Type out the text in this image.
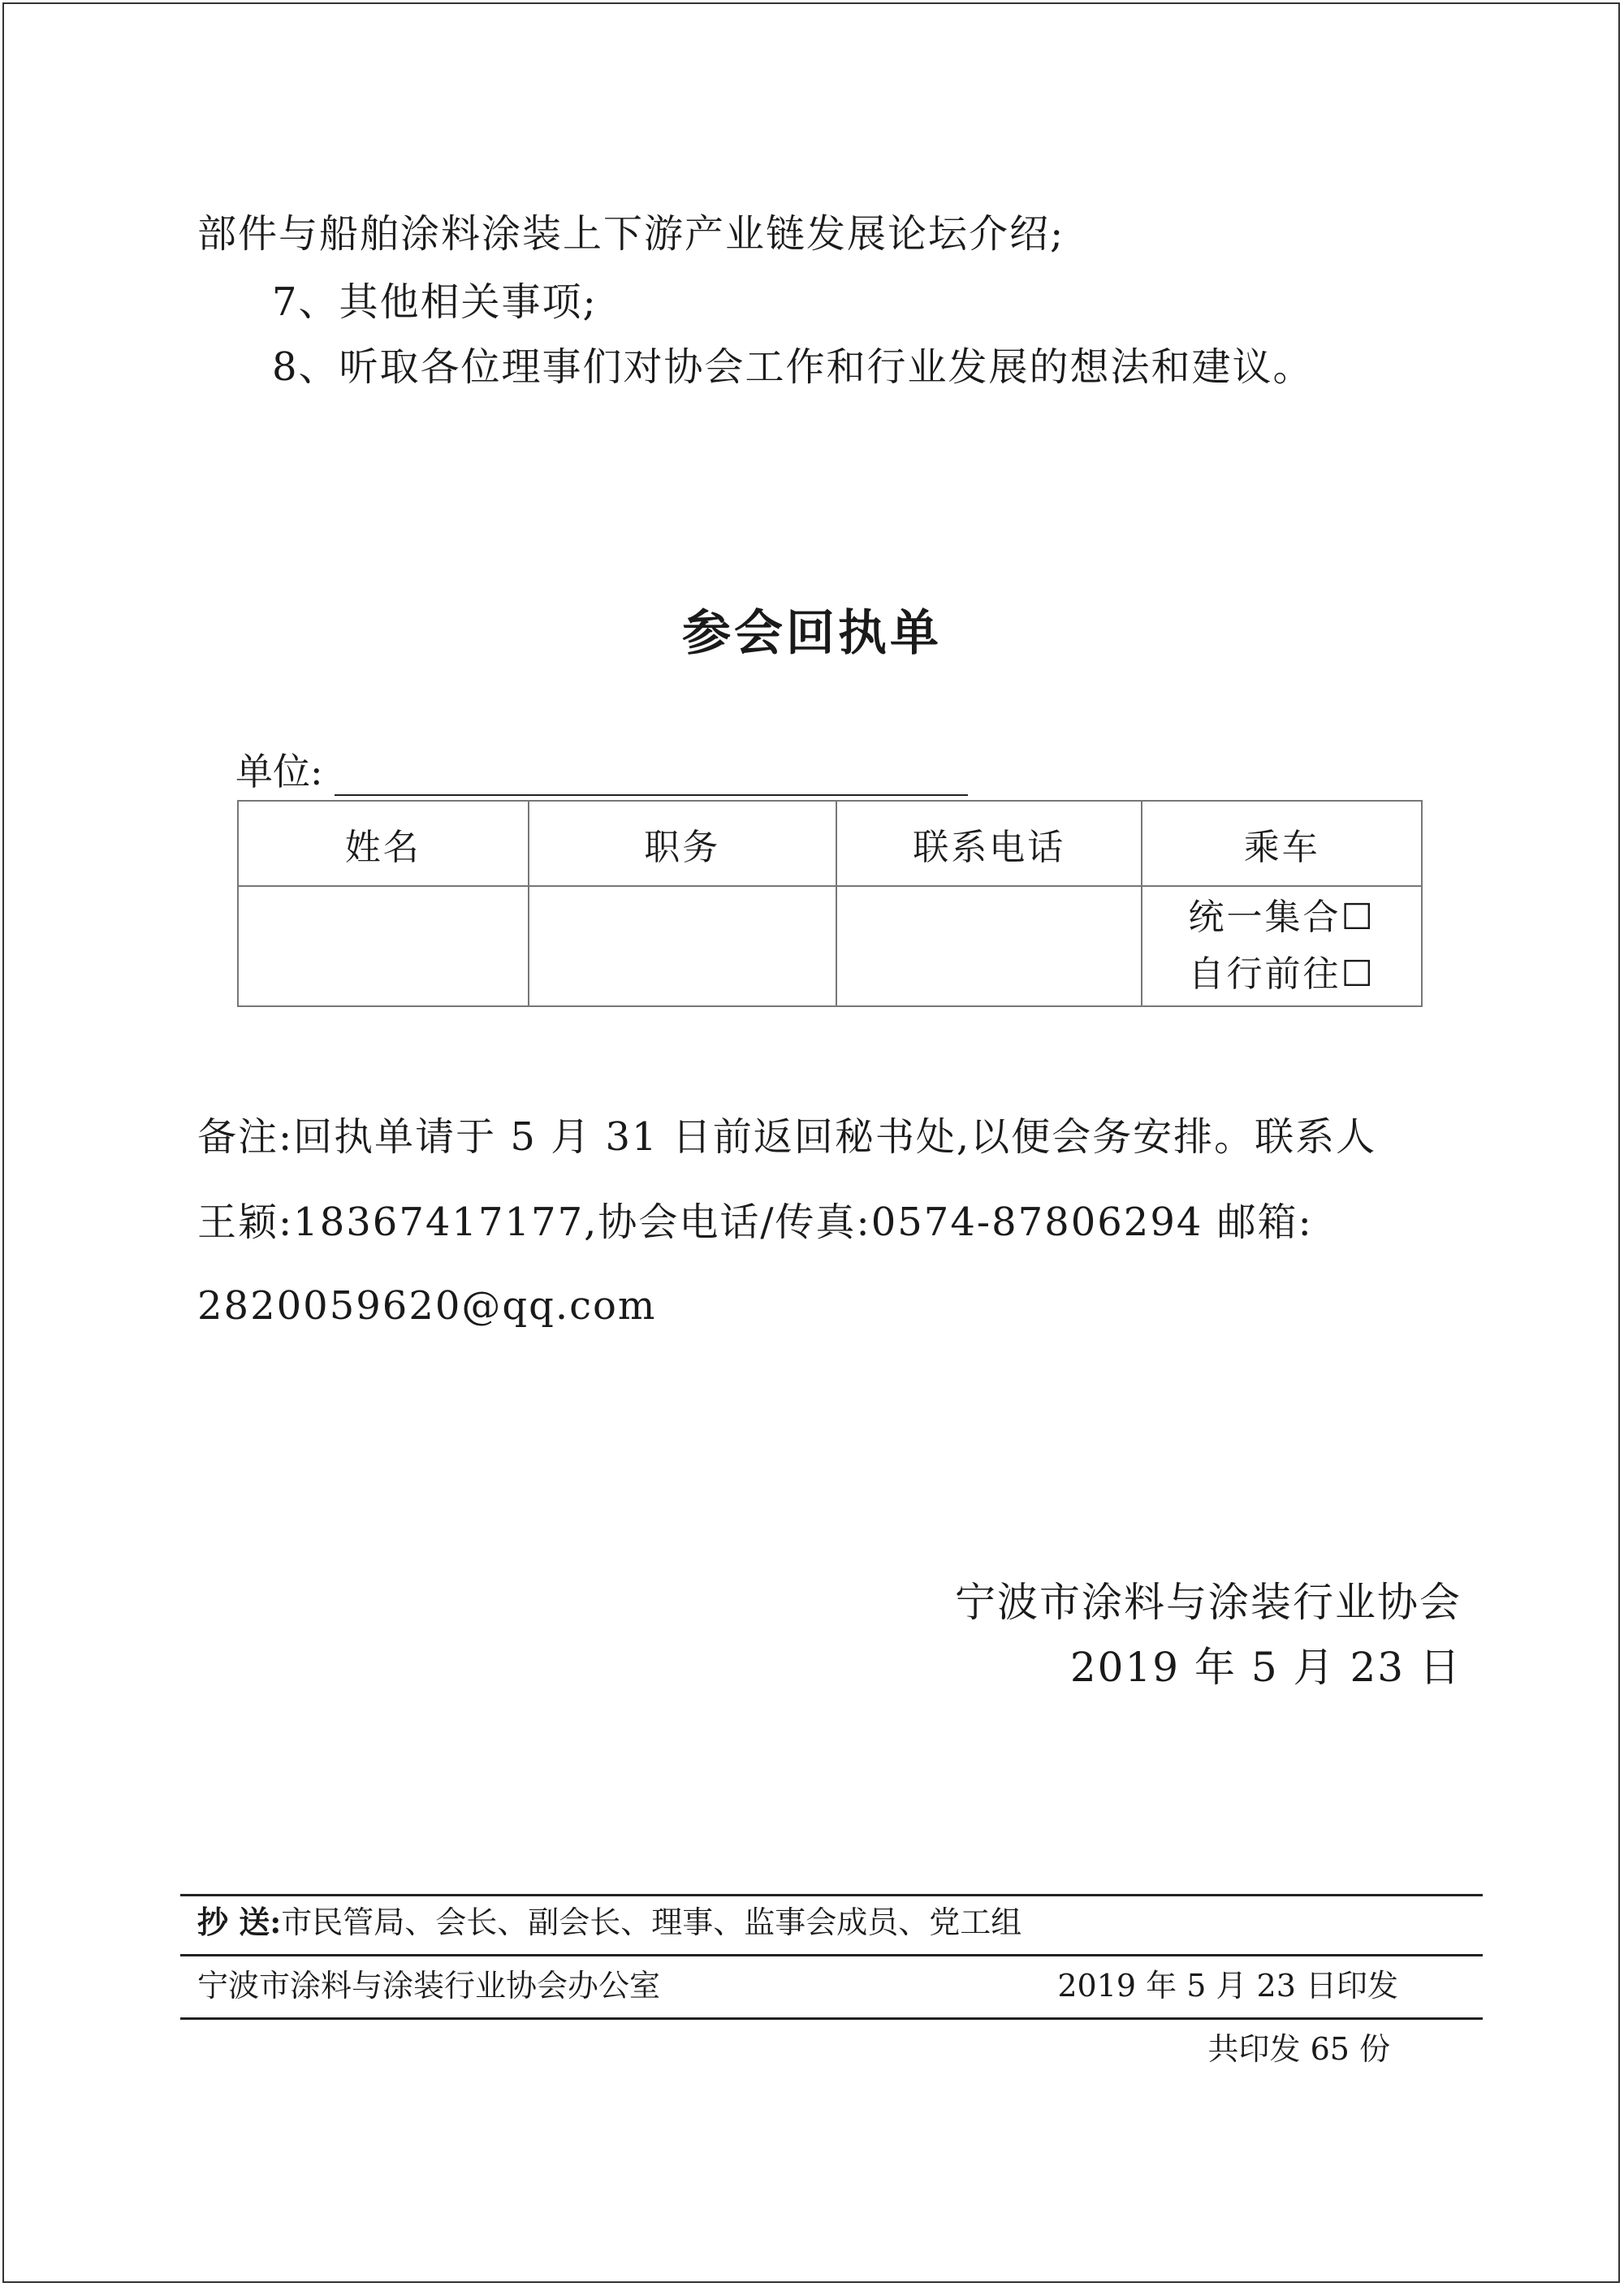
部件与船舶涂料涂装上下游产业链发展论坛介绍;
7、其他相关事项;
8、听取各位理事们对协会工作和行业发展的想法和建议。
参会回执单
单位:
姓名	职务	联系电话	乘车

			统一集合☐
自行前往☐
备注:回执单请于 5 月 31 日前返回秘书处,以便会务安排。联系人
王颖:18367417177,协会电话/传真:0574-87806294 邮箱:
2820059620@qq.com
宁波市涂料与涂装行业协会
2019 年 5 月 23 日
抄 送:市民管局、会长、副会长、理事、监事会成员、党工组
宁波市涂料与涂装行业协会办公室	2019 年 5 月 23 日印发
共印发 65 份
